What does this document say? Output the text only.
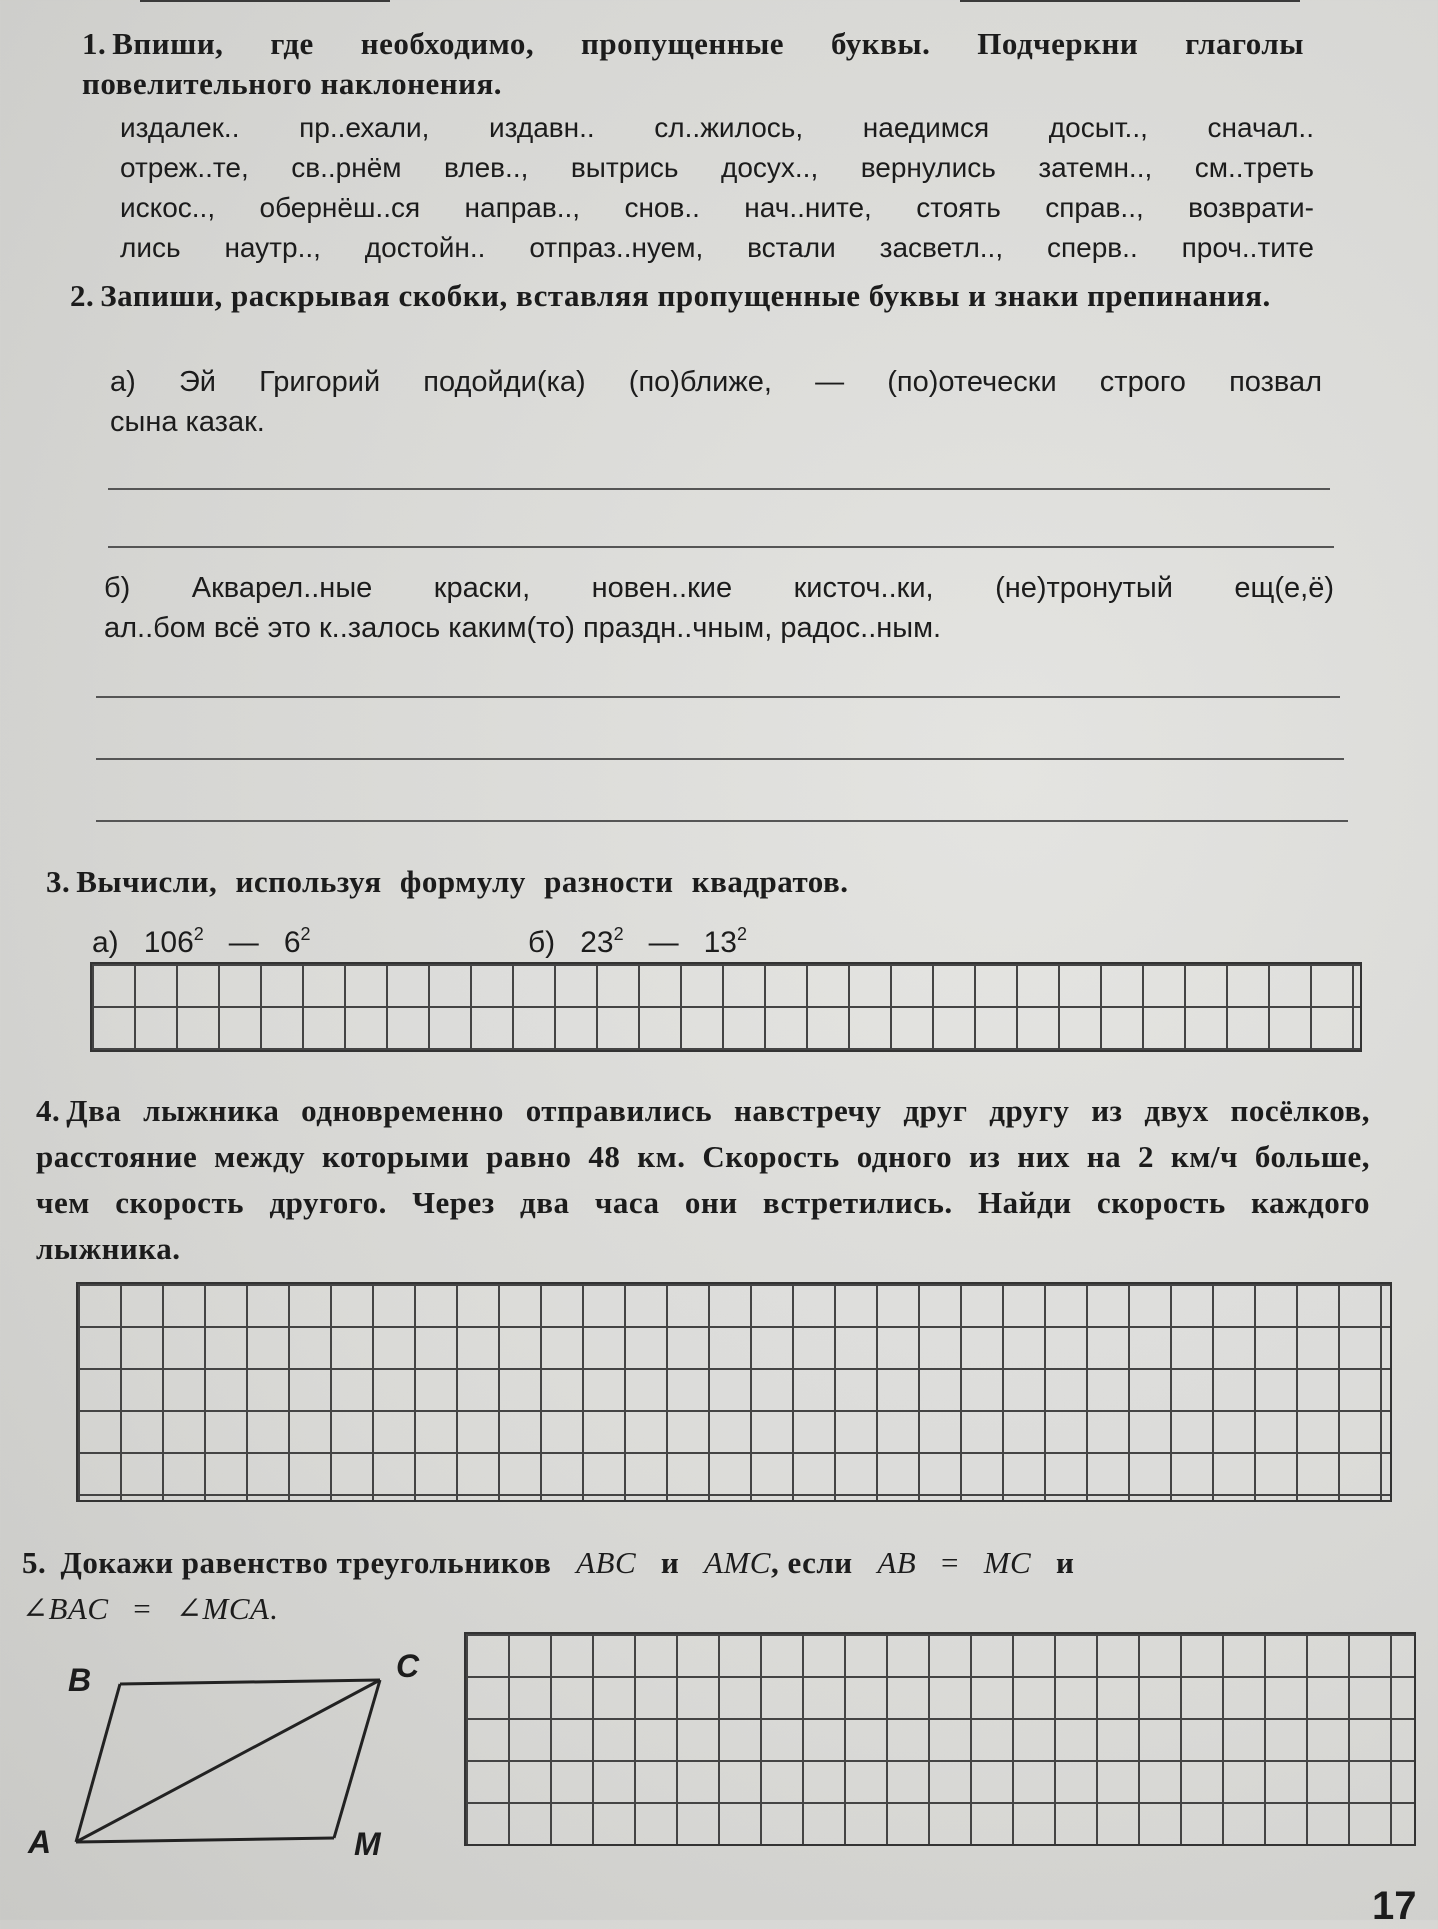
1. Впиши, где необходимо, пропущенные буквы. Подчеркни глаголы повелительного наклонения.
издалек.. пр..ехали, издавн.. сл..жилось, наедимся досыт.., сначал..
отреж..те, св..рнём влев.., вытрись досух.., вернулись затемн.., см..треть
искос.., обернёш..ся направ.., снов.. нач..ните, стоять справ.., возврати-
лись наутр.., достойн.. отпраз..нуем, встали засветл.., сперв.. проч..тите
2. Запиши, раскрывая скобки, вставляя пропущенные буквы и знаки препинания.
а) Эй Григорий подойди(ка) (по)ближе, — (по)отечески строго позвал
сына казак.
б) Акварел..ные краски, новен..кие кисточ..ки, (не)тронутый ещ(е,ё)
ал..бом всё это к..залось каким(то) праздн..чным, радос..ным.
3. Вычисли, используя формулу разности квадратов.
а) $106^2$ — $6^2$	б) $23^2$ — $13^2$
4. Два лыжника одновременно отправились навстречу друг другу из двух посёлков, расстояние между которыми равно 48 км. Скорость одного из них на 2 км/ч больше, чем скорость другого. Через два часа они встретились. Найди скорость каждого лыжника.
5. Докажи равенство треугольников ABC и AMC, если AB = MC и
∠BAC = ∠MCA.
B	C
A	M
17
